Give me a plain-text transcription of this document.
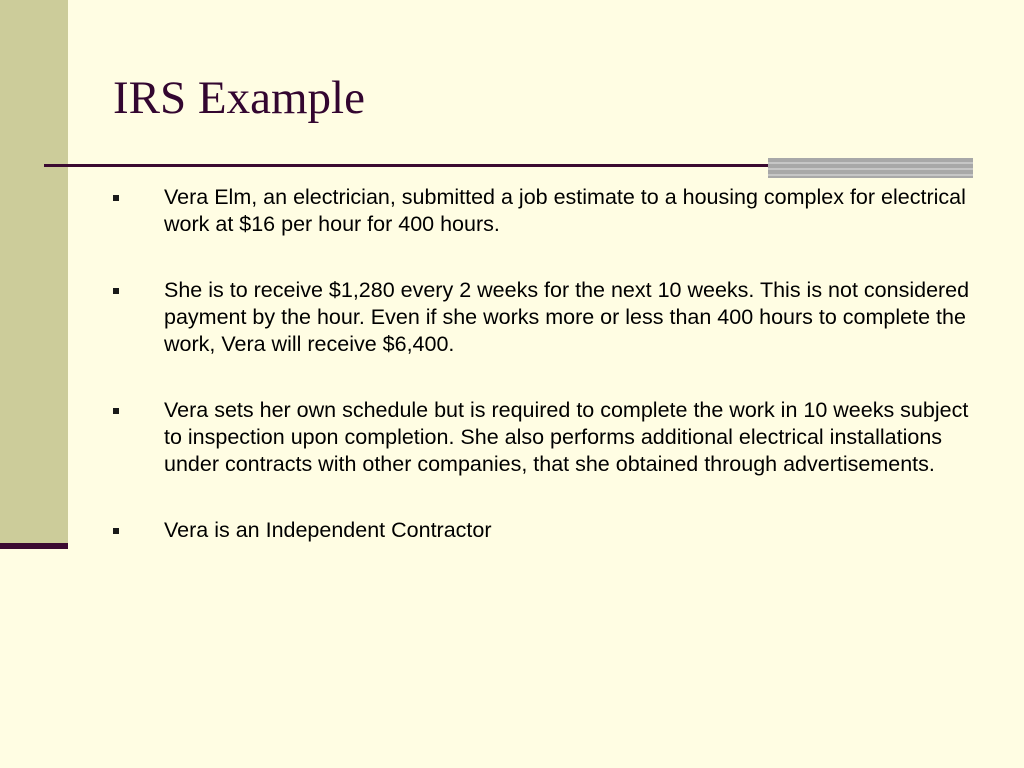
IRS Example
Vera Elm, an electrician, submitted a job estimate to a housing complex for electrical work at $16 per hour for 400 hours.
She is to receive $1,280 every 2 weeks for the next 10 weeks. This is not considered payment by the hour. Even if she works more or less than 400 hours to complete the work, Vera will receive $6,400.
Vera sets her own schedule but is required to complete the work in 10 weeks subject to inspection upon completion. She also performs additional electrical installations under contracts with other companies, that she obtained through advertisements.
Vera is an Independent Contractor
